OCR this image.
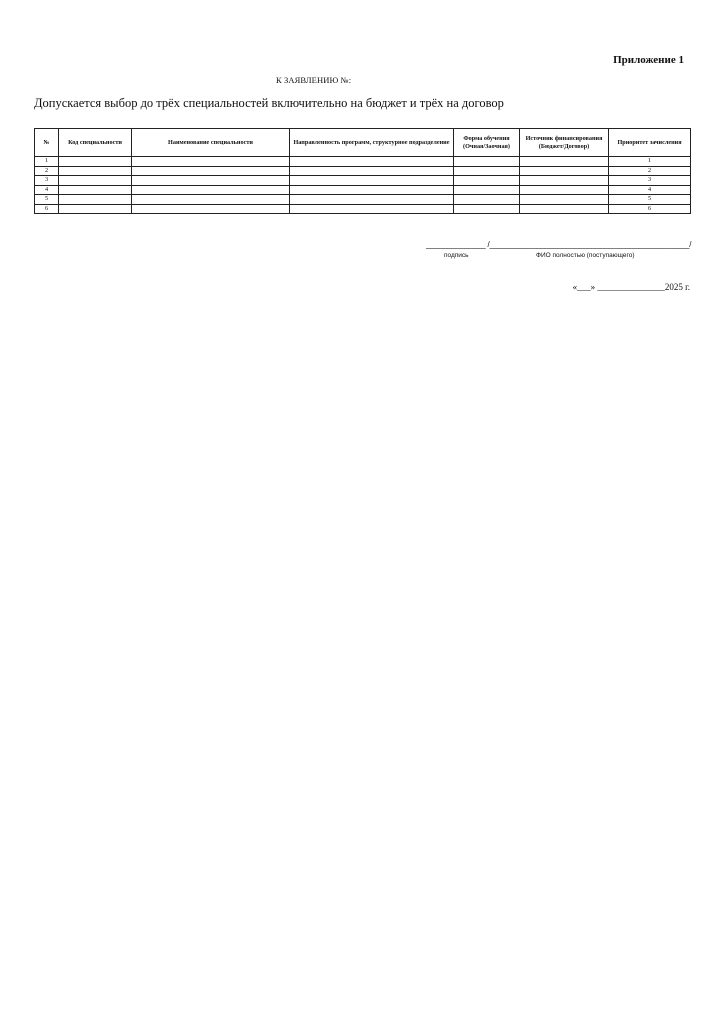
Приложение 1
К ЗАЯВЛЕНИЮ №:
Допускается выбор до трёх специальностей включительно на бюджет и трёх на договор
№	Код специальности	Наименование специальности	Направленность программ, структурное подразделение	Форма обучения (Очная/Заочная)	Источник финансирования (Бюджет/Договор)	Приоритет зачисления
1						1
2						2
3						3
4						4
5						5
6						6
______________ /_______________________________________________/
подпись	ФИО полностью (поступающего)
«___» _______________2025 г.
